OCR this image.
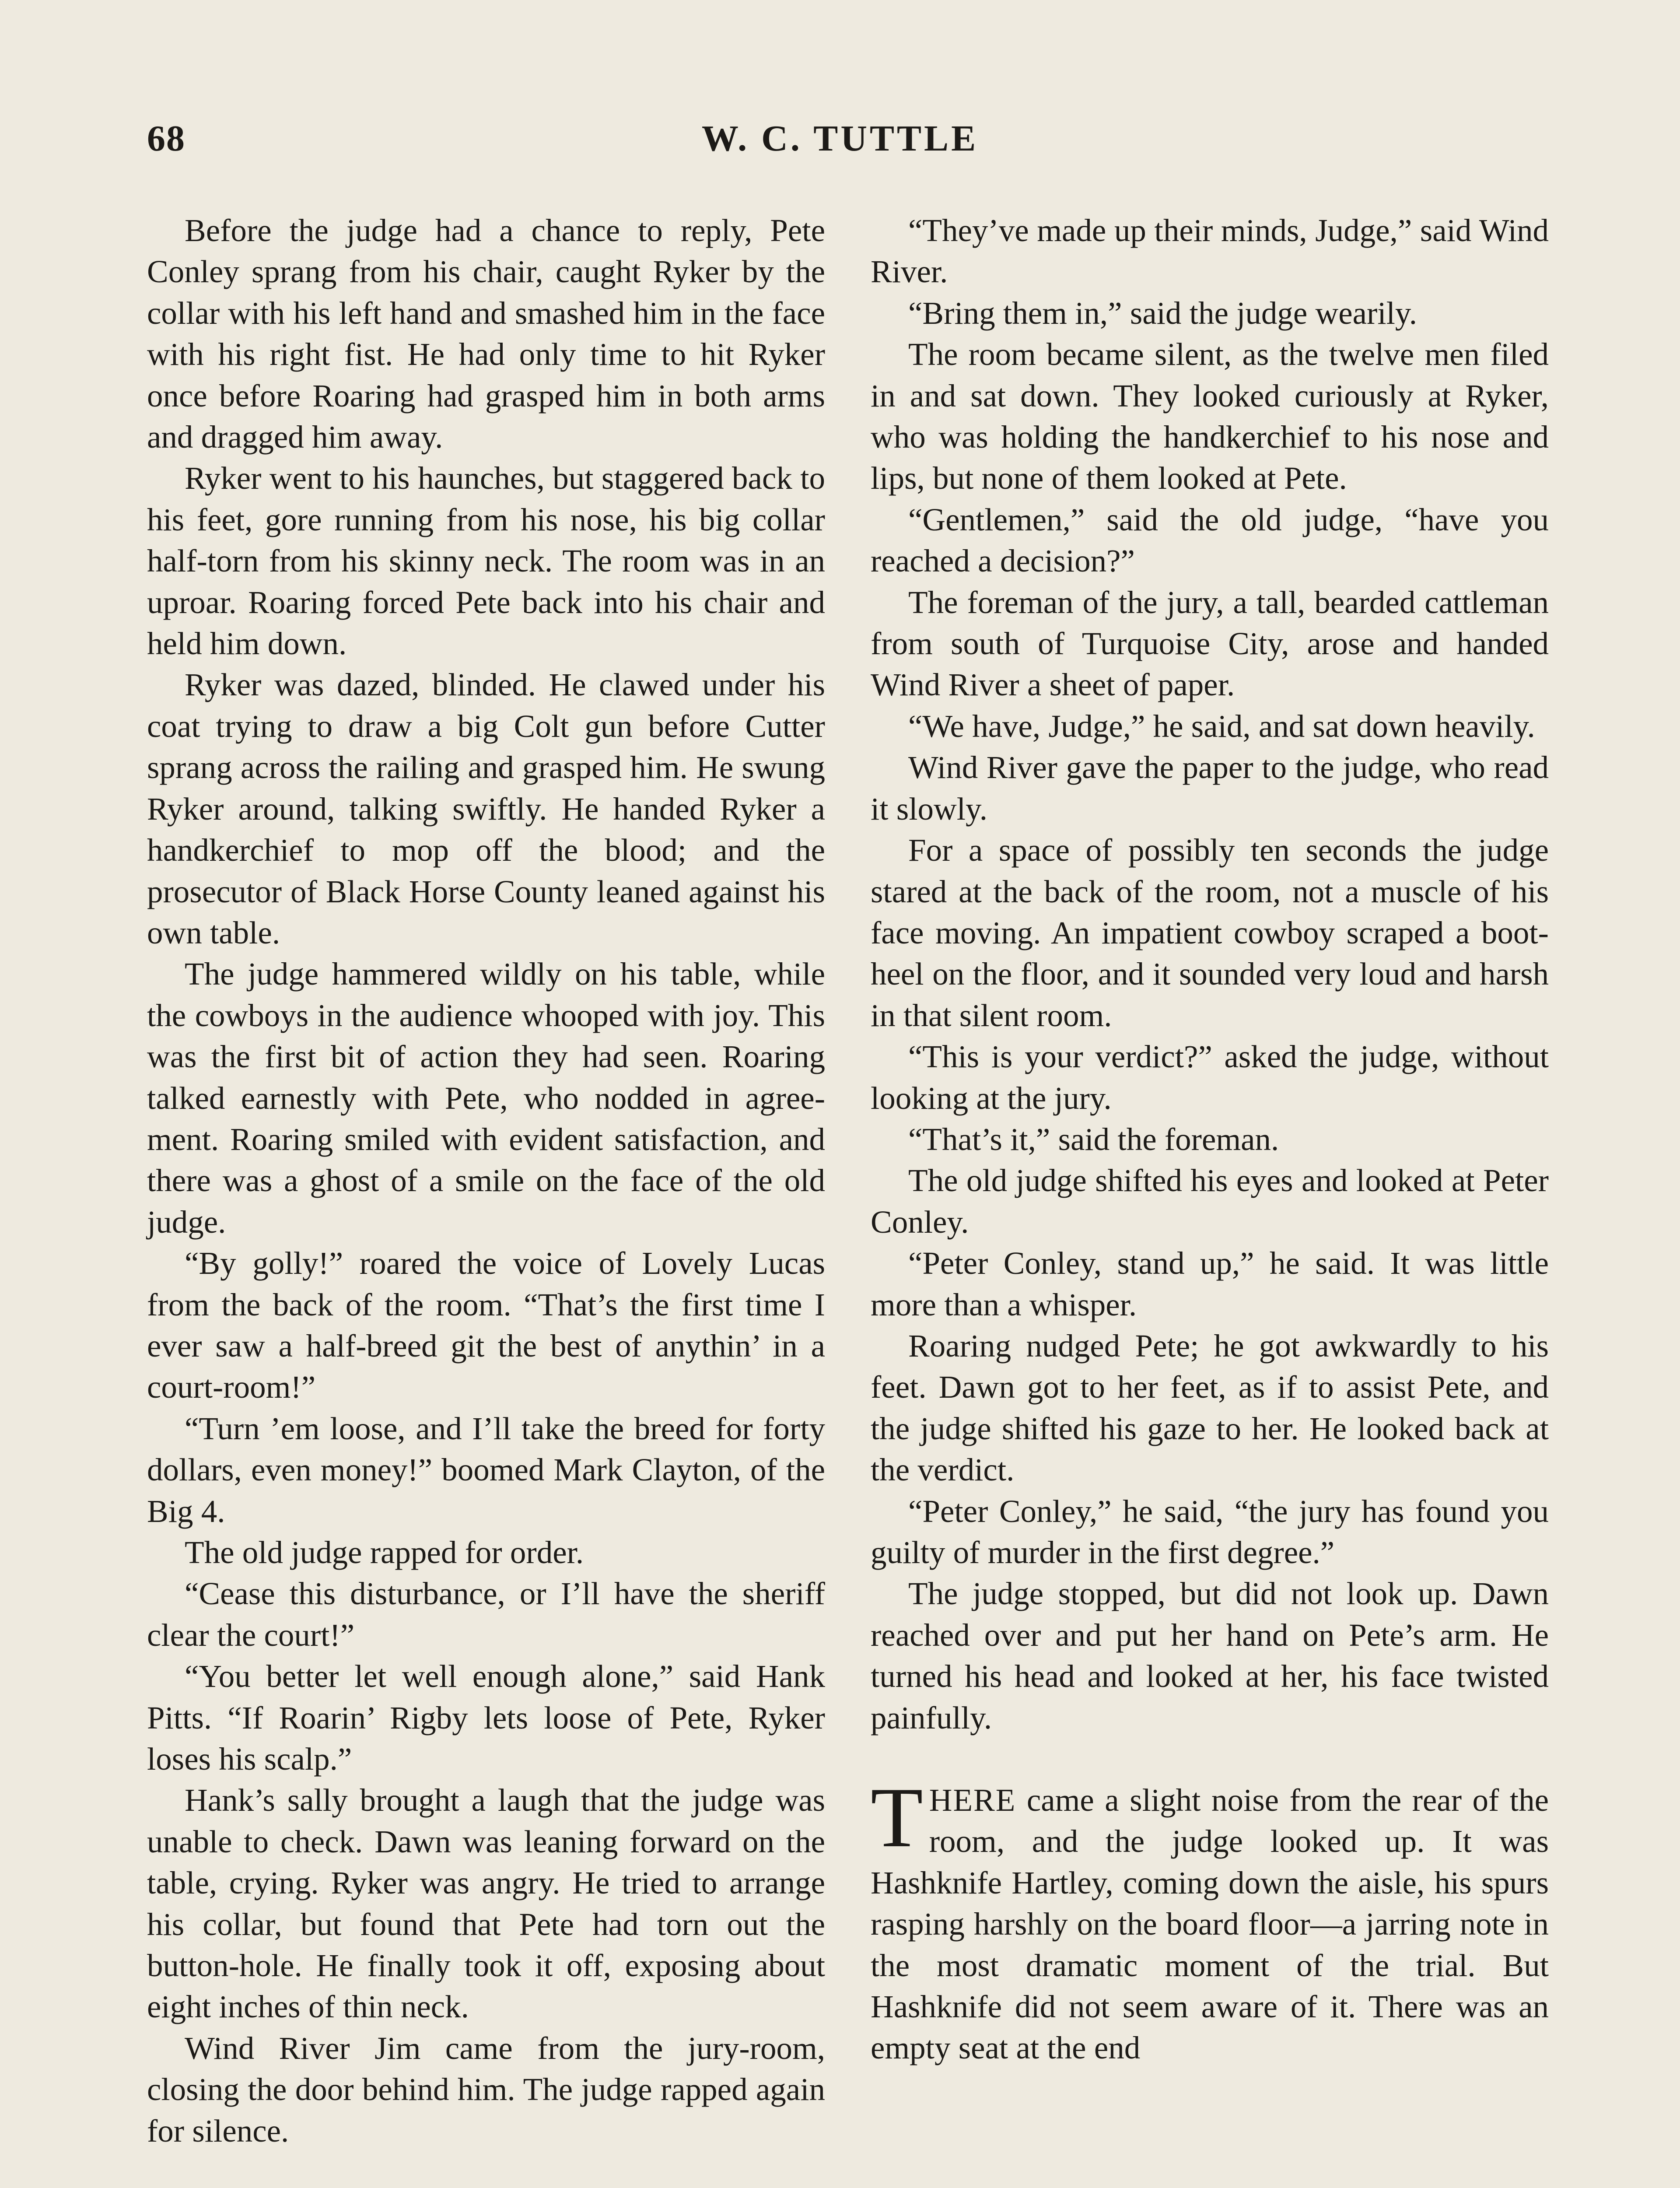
68	W. C. TUTTLE

Before the judge had a chance to reply, Pete Conley sprang from his chair, caught Ryker by the collar with his left hand and smashed him in the face with his right fist. He had only time to hit Ryker once before Roaring had grasped him in both arms and dragged him away.

Ryker went to his haunches, but staggered back to his feet, gore running from his nose, his big collar half-torn from his skinny neck. The room was in an uproar. Roaring forced Pete back into his chair and held him down.

Ryker was dazed, blinded. He clawed under his coat trying to draw a big Colt gun before Cutter sprang across the railing and grasped him. He swung Ryker around, talking swiftly. He handed Ryker a handkerchief to mop off the blood; and the prosecutor of Black Horse County leaned against his own table.

The judge hammered wildly on his table, while the cowboys in the audience whooped with joy. This was the first bit of action they had seen. Roaring talked earnestly with Pete, who nodded in agreement. Roaring smiled with evident satisfaction, and there was a ghost of a smile on the face of the old judge.

“By golly!” roared the voice of Lovely Lucas from the back of the room. “That’s the first time I ever saw a half-breed git the best of anythin’ in a court-room!”

“Turn ’em loose, and I’ll take the breed for forty dollars, even money!” boomed Mark Clayton, of the Big 4.

The old judge rapped for order.

“Cease this disturbance, or I’ll have the sheriff clear the court!”

“You better let well enough alone,” said Hank Pitts. “If Roarin’ Rigby lets loose of Pete, Ryker loses his scalp.”

Hank’s sally brought a laugh that the judge was unable to check. Dawn was leaning forward on the table, crying. Ryker was angry. He tried to arrange his collar, but found that Pete had torn out the button-hole. He finally took it off, exposing about eight inches of thin neck.

Wind River Jim came from the jury-room, closing the door behind him. The judge rapped again for silence.

“They’ve made up their minds, Judge,” said Wind River.

“Bring them in,” said the judge wearily.

The room became silent, as the twelve men filed in and sat down. They looked curiously at Ryker, who was holding the handkerchief to his nose and lips, but none of them looked at Pete.

“Gentlemen,” said the old judge, “have you reached a decision?”

The foreman of the jury, a tall, bearded cattleman from south of Turquoise City, arose and handed Wind River a sheet of paper.

“We have, Judge,” he said, and sat down heavily.

Wind River gave the paper to the judge, who read it slowly.

For a space of possibly ten seconds the judge stared at the back of the room, not a muscle of his face moving. An impatient cowboy scraped a boot-heel on the floor, and it sounded very loud and harsh in that silent room.

“This is your verdict?” asked the judge, without looking at the jury.

“That’s it,” said the foreman.

The old judge shifted his eyes and looked at Peter Conley.

“Peter Conley, stand up,” he said. It was little more than a whisper.

Roaring nudged Pete; he got awkwardly to his feet. Dawn got to her feet, as if to assist Pete, and the judge shifted his gaze to her. He looked back at the verdict.

“Peter Conley,” he said, “the jury has found you guilty of murder in the first degree.”

The judge stopped, but did not look up. Dawn reached over and put her hand on Pete’s arm. He turned his head and looked at her, his face twisted painfully.

THERE came a slight noise from the rear of the room, and the judge looked up. It was Hashknife Hartley, coming down the aisle, his spurs rasping harshly on the board floor—a jarring note in the most dramatic moment of the trial. But Hashknife did not seem aware of it. There was an empty seat at the end
